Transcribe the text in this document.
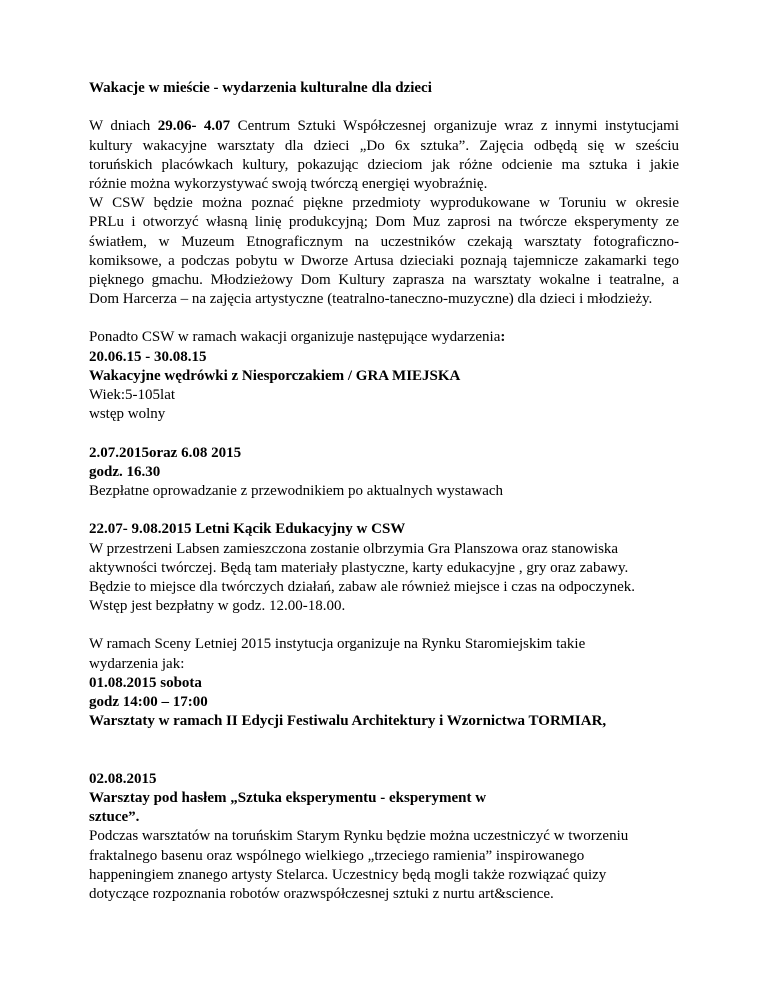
Wakacje w mieście - wydarzenia kulturalne dla dzieci
W dniach 29.06- 4.07 Centrum Sztuki Współczesnej organizuje wraz z innymi instytucjami
kultury wakacyjne warsztaty dla dzieci „Do 6x sztuka”. Zajęcia odbędą się w sześciu
toruńskich placówkach kultury, pokazując dzieciom jak różne odcienie ma sztuka i jakie
różnie można wykorzystywać swoją twórczą energięi wyobraźnię.
W CSW będzie można poznać piękne przedmioty wyprodukowane w Toruniu w okresie
PRLu i otworzyć własną linię produkcyjną; Dom Muz zaprosi na twórcze eksperymenty ze
światłem, w Muzeum Etnograficznym na uczestników czekają warsztaty fotograficzno-
komiksowe, a podczas pobytu w Dworze Artusa dzieciaki poznają tajemnicze zakamarki tego
pięknego gmachu. Młodzieżowy Dom Kultury zaprasza na warsztaty wokalne i teatralne, a
Dom Harcerza – na zajęcia artystyczne (teatralno-taneczno-muzyczne) dla dzieci i młodzieży.
Ponadto CSW w ramach wakacji organizuje następujące wydarzenia:
20.06.15 - 30.08.15
Wakacyjne wędrówki z Niesporczakiem / GRA MIEJSKA
Wiek:5-105lat
wstęp wolny
2.07.2015oraz 6.08 2015
godz. 16.30
Bezpłatne oprowadzanie z przewodnikiem po aktualnych wystawach
22.07- 9.08.2015 Letni Kącik Edukacyjny w CSW
W przestrzeni Labsen zamieszczona zostanie olbrzymia Gra Planszowa oraz stanowiska
aktywności twórczej. Będą tam materiały plastyczne, karty edukacyjne , gry oraz zabawy.
Będzie to miejsce dla twórczych działań, zabaw ale również miejsce i czas na odpoczynek.
Wstęp jest bezpłatny w godz. 12.00-18.00.
W ramach Sceny Letniej 2015 instytucja organizuje na Rynku Staromiejskim takie
wydarzenia jak:
01.08.2015 sobota
godz 14:00 – 17:00
Warsztaty w ramach II Edycji Festiwalu Architektury i Wzornictwa TORMIAR,
02.08.2015
Warsztay pod hasłem „Sztuka eksperymentu - eksperyment w
sztuce”.
Podczas warsztatów na toruńskim Starym Rynku będzie można uczestniczyć w tworzeniu
fraktalnego basenu oraz wspólnego wielkiego „trzeciego ramienia” inspirowanego
happeningiem znanego artysty Stelarca. Uczestnicy będą mogli także rozwiązać quizy
dotyczące rozpoznania robotów orazwspółczesnej sztuki z nurtu art&science.
